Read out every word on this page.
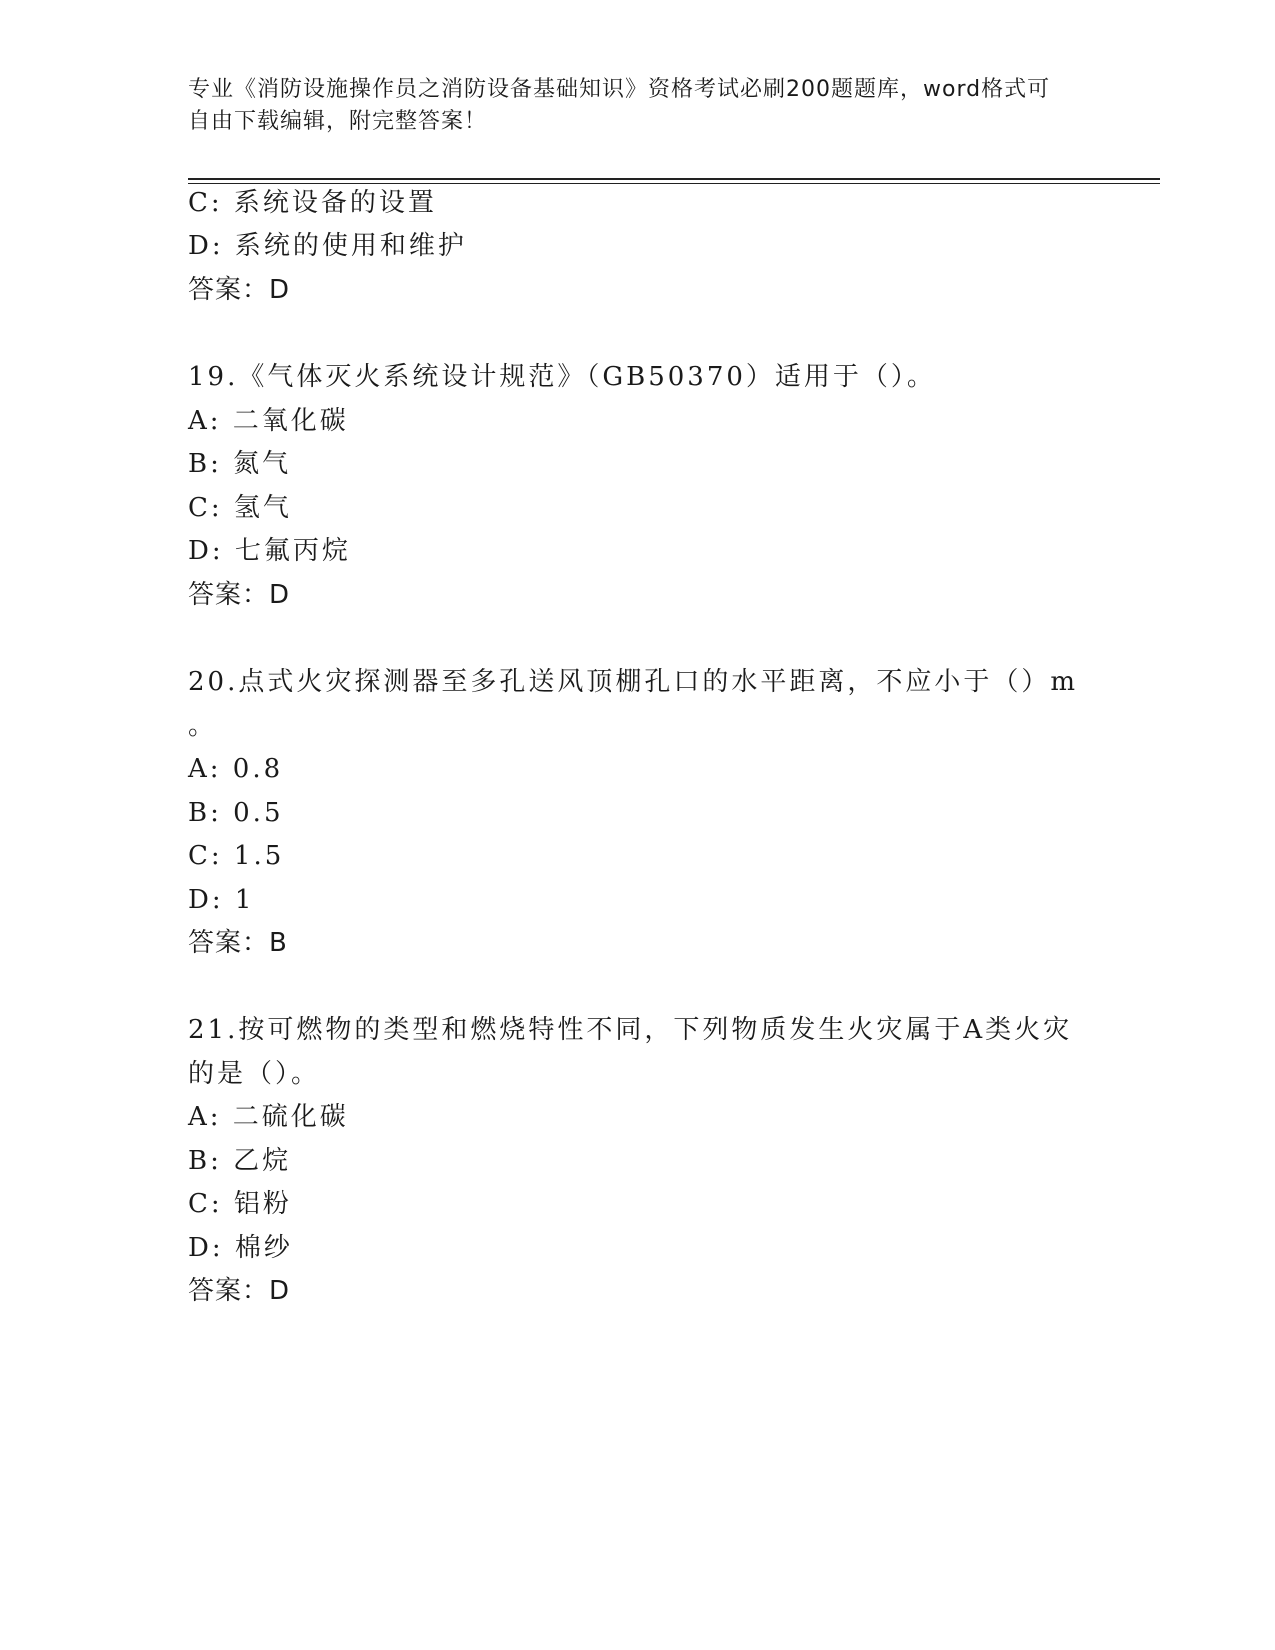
专业《消防设施操作员之消防设备基础知识》资格考试必刷200题题库，word格式可自由下载编辑，附完整答案！
C: 系统设备的设置
D: 系统的使用和维护
答案：D
19.《气体灭火系统设计规范》（GB50370）适用于（）。
A: 二氧化碳
B: 氮气
C: 氢气
D: 七氟丙烷
答案：D
20.点式火灾探测器至多孔送风顶棚孔口的水平距离，不应小于（）m
。
A: 0.8
B: 0.5
C: 1.5
D: 1
答案：B
21.按可燃物的类型和燃烧特性不同，下列物质发生火灾属于A类火灾
的是（）。
A: 二硫化碳
B: 乙烷
C: 铝粉
D: 棉纱
答案：D
